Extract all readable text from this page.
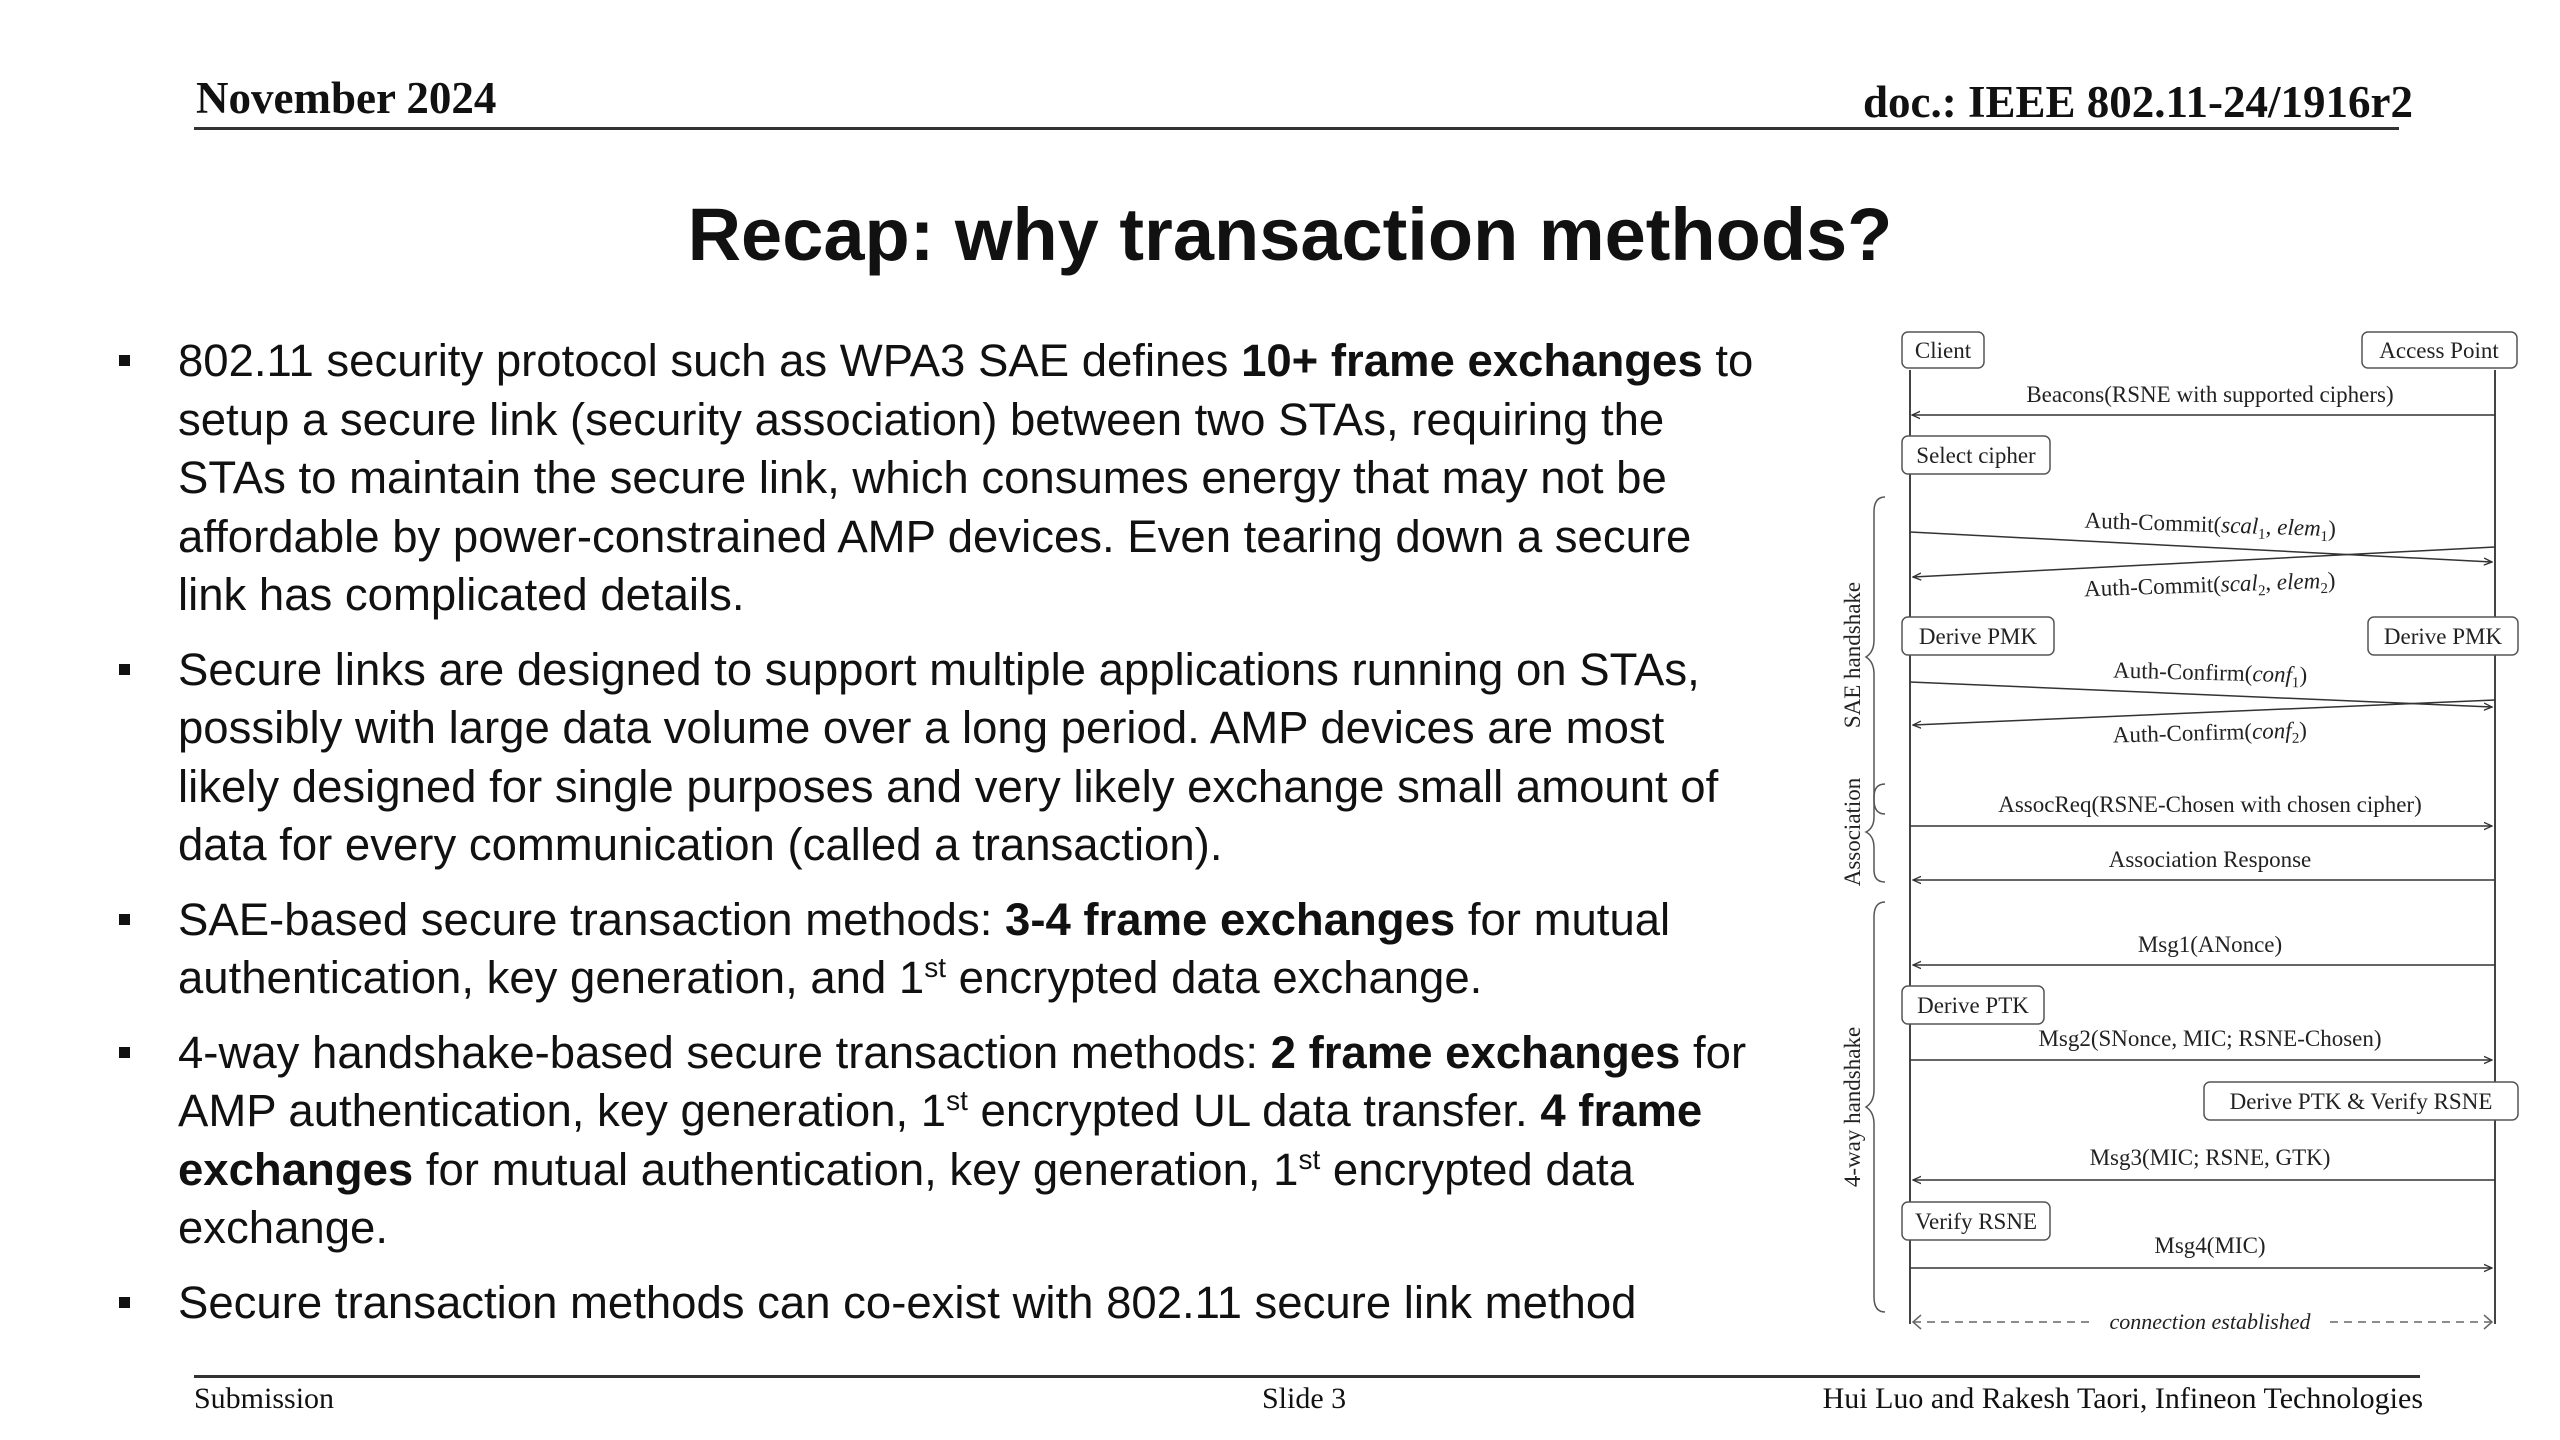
November 2024	doc.: IEEE 802.11-24/1916r2
Recap: why transaction methods?
802.11 security protocol such as WPA3 SAE defines 10+ frame exchanges to setup a secure link (security association) between two STAs, requiring the STAs to maintain the secure link, which consumes energy that may not be affordable by power-constrained AMP devices. Even tearing down a secure link has complicated details.
Secure links are designed to support multiple applications running on STAs, possibly with large data volume over a long period. AMP devices are most likely designed for single purposes and very likely exchange small amount of data for every communication (called a transaction).
SAE-based secure transaction methods: 3-4 frame exchanges for mutual authentication, key generation, and 1st encrypted data exchange.
4-way handshake-based secure transaction methods: 2 frame exchanges for AMP authentication, key generation, 1st encrypted UL data transfer. 4 frame exchanges for mutual authentication, key generation, 1st encrypted data exchange.
Secure transaction methods can co-exist with 802.11 secure link method
Client	Access Point
Beacons(RSNE with supported ciphers)
Select cipher
SAE handshake
Association
4-way handshake
Auth-Commit(scal$_1$, elem$_1$)
Auth-Commit(scal$_2$, elem$_2$)
Derive PMK	Derive PMK
Auth-Confirm(conf$_1$)
Auth-Confirm(conf$_2$)
AssocReq(RSNE-Chosen with chosen cipher)
Association Response
Msg1(ANonce)
Derive PTK
Msg2(SNonce, MIC; RSNE-Chosen)
Derive PTK & Verify RSNE
Msg3(MIC; RSNE, GTK)
Verify RSNE
Msg4(MIC)
connection established
Submission	Slide 3	Hui Luo and Rakesh Taori, Infineon Technologies
